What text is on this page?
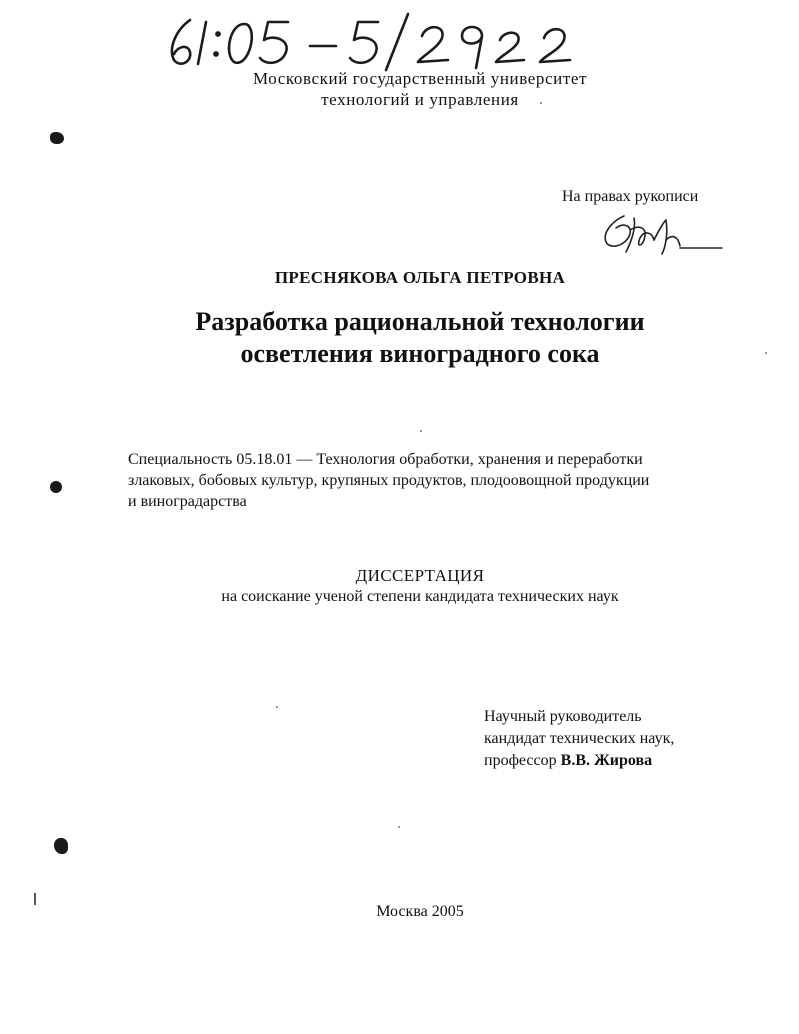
Московский государственный университет
технологий и управления
На правах рукописи
ПРЕСНЯКОВА ОЛЬГА ПЕТРОВНА
Разработка рациональной технологии
осветления виноградного сока
Специальность 05.18.01 — Технология обработки, хранения и переработки
злаковых, бобовых культур, крупяных продуктов, плодоовощной продукции
и виноградарства
ДИССЕРТАЦИЯ
на соискание ученой степени кандидата технических наук
Научный руководитель
кандидат технических наук,
профессор В.В. Жирова
Москва 2005
